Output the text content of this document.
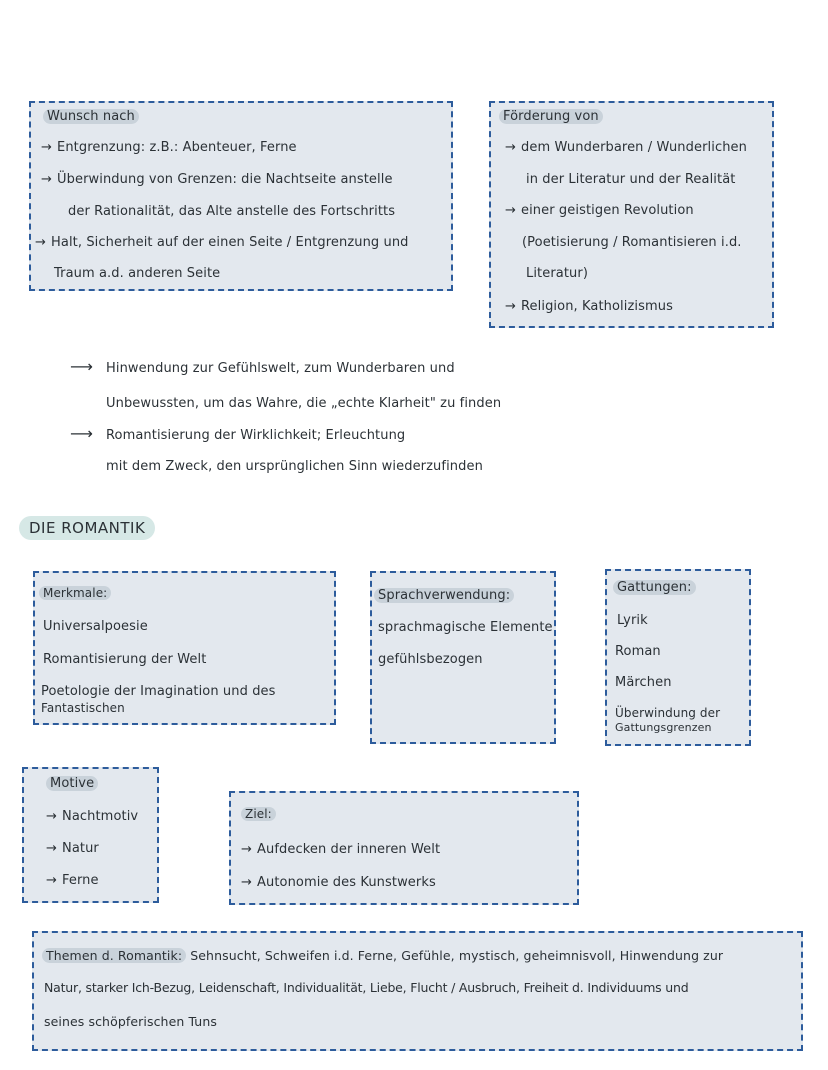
Wunsch nach
→ Entgrenzung: z.B.: Abenteuer, Ferne
→ Überwindung von Grenzen: die Nachtseite anstelle
der Rationalität, das Alte anstelle des Fortschritts
→ Halt, Sicherheit auf der einen Seite / Entgrenzung und
Traum a.d. anderen Seite
Förderung von
→ dem Wunderbaren / Wunderlichen
in der Literatur und der Realität
→ einer geistigen Revolution
(Poetisierung / Romantisieren i.d.
Literatur)
→ Religion, Katholizismus
⟶ Hinwendung zur Gefühlswelt, zum Wunderbaren und
Unbewussten, um das Wahre, die „echte Klarheit" zu finden
⟶ Romantisierung der Wirklichkeit; Erleuchtung
mit dem Zweck, den ursprünglichen Sinn wiederzufinden
DIE ROMANTIK
Merkmale:
Universalpoesie
Romantisierung der Welt
Poetologie der Imagination und des
Fantastischen
Sprachverwendung:
sprachmagische Elemente
gefühlsbezogen
Gattungen:
Lyrik
Roman
Märchen
Überwindung der
Gattungsgrenzen
Motive
→ Nachtmotiv
→ Natur
→ Ferne
Ziel:
→ Aufdecken der inneren Welt
→ Autonomie des Kunstwerks
Themen d. Romantik: Sehnsucht, Schweifen i.d. Ferne, Gefühle, mystisch, geheimnisvoll, Hinwendung zur
Natur, starker Ich-Bezug, Leidenschaft, Individualität, Liebe, Flucht / Ausbruch, Freiheit d. Individuums und
seines schöpferischen Tuns
